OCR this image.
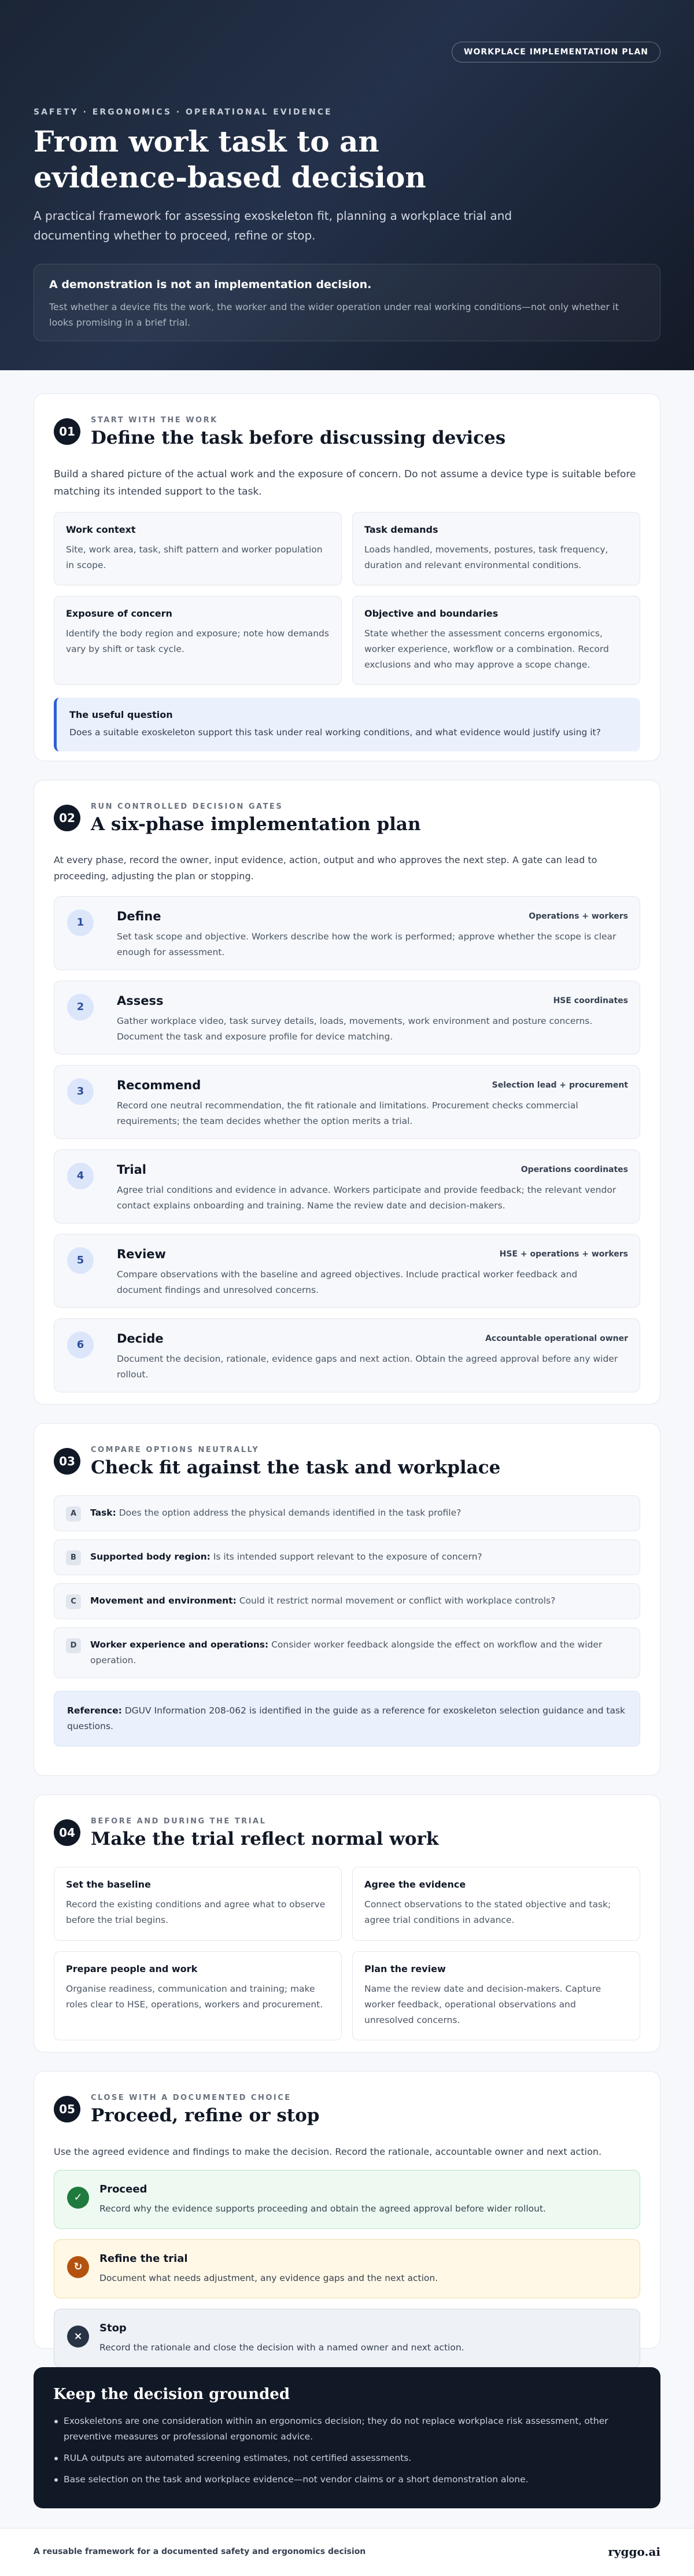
WORKPLACE IMPLEMENTATION PLAN
SAFETY · ERGONOMICS · OPERATIONAL EVIDENCE
From work task to an evidence-based decision

A practical framework for assessing exoskeleton fit, planning a workplace trial and documenting whether to proceed, refine or stop.

A demonstration is not an implementation decision.

Test whether a device fits the work, the worker and the wider operation under real working conditions—not only whether it looks promising in a brief trial.

01
START WITH THE WORK
Define the task before discussing devices

Build a shared picture of the actual work and the exposure of concern. Do not assume a device type is suitable before matching its intended support to the task.

Work context

Site, work area, task, shift pattern and worker population in scope.

Task demands

Loads handled, movements, postures, task frequency, duration and relevant environmental conditions.

Exposure of concern

Identify the body region and exposure; note how demands vary by shift or task cycle.

Objective and boundaries

State whether the assessment concerns ergonomics, worker experience, workflow or a combination. Record exclusions and who may approve a scope change.

The useful question

Does a suitable exoskeleton support this task under real working conditions, and what evidence would justify using it?

02
RUN CONTROLLED DECISION GATES
A six-phase implementation plan

At every phase, record the owner, input evidence, action, output and who approves the next step. A gate can lead to proceeding, adjusting the plan or stopping.

1	Define	Operations + workers

Set task scope and objective. Workers describe how the work is performed; approve whether the scope is clear enough for assessment.

2	Assess	HSE coordinates

Gather workplace video, task survey details, loads, movements, work environment and posture concerns. Document the task and exposure profile for device matching.

3	Recommend	Selection lead + procurement

Record one neutral recommendation, the fit rationale and limitations. Procurement checks commercial requirements; the team decides whether the option merits a trial.

4	Trial	Operations coordinates

Agree trial conditions and evidence in advance. Workers participate and provide feedback; the relevant vendor contact explains onboarding and training. Name the review date and decision-makers.

5	Review	HSE + operations + workers

Compare observations with the baseline and agreed objectives. Include practical worker feedback and document findings and unresolved concerns.

6	Decide	Accountable operational owner

Document the decision, rationale, evidence gaps and next action. Obtain the agreed approval before any wider rollout.

03
COMPARE OPTIONS NEUTRALLY
Check fit against the task and workplace
A	Task: Does the option address the physical demands identified in the task profile?

B	Supported body region: Is its intended support relevant to the exposure of concern?

C	Movement and environment: Could it restrict normal movement or conflict with workplace controls?

D	Worker experience and operations: Consider worker feedback alongside the effect on workflow and the wider operation.

Reference: DGUV Information 208-062 is identified in the guide as a reference for exoskeleton selection guidance and task questions.

04
BEFORE AND DURING THE TRIAL
Make the trial reflect normal work
Set the baseline

Record the existing conditions and agree what to observe before the trial begins.

Agree the evidence

Connect observations to the stated objective and task; agree trial conditions in advance.

Prepare people and work

Organise readiness, communication and training; make roles clear to HSE, operations, workers and procurement.

Plan the review

Name the review date and decision-makers. Capture worker feedback, operational observations and unresolved concerns.

05
CLOSE WITH A DOCUMENTED CHOICE
Proceed, refine or stop

Use the agreed evidence and findings to make the decision. Record the rationale, accountable owner and next action.

✓
Proceed

Record why the evidence supports proceeding and obtain the agreed approval before wider rollout.

↻
Refine the trial

Document what needs adjustment, any evidence gaps and the next action.

×
Stop

Record the rationale and close the decision with a named owner and next action.

Keep the decision grounded
Exoskeletons are one consideration within an ergonomics decision; they do not replace workplace risk assessment, other preventive measures or professional ergonomic advice.
RULA outputs are automated screening estimates, not certified assessments.
Base selection on the task and workplace evidence—not vendor claims or a short demonstration alone.
A reusable framework for a documented safety and ergonomics decision	ryggo.ai
